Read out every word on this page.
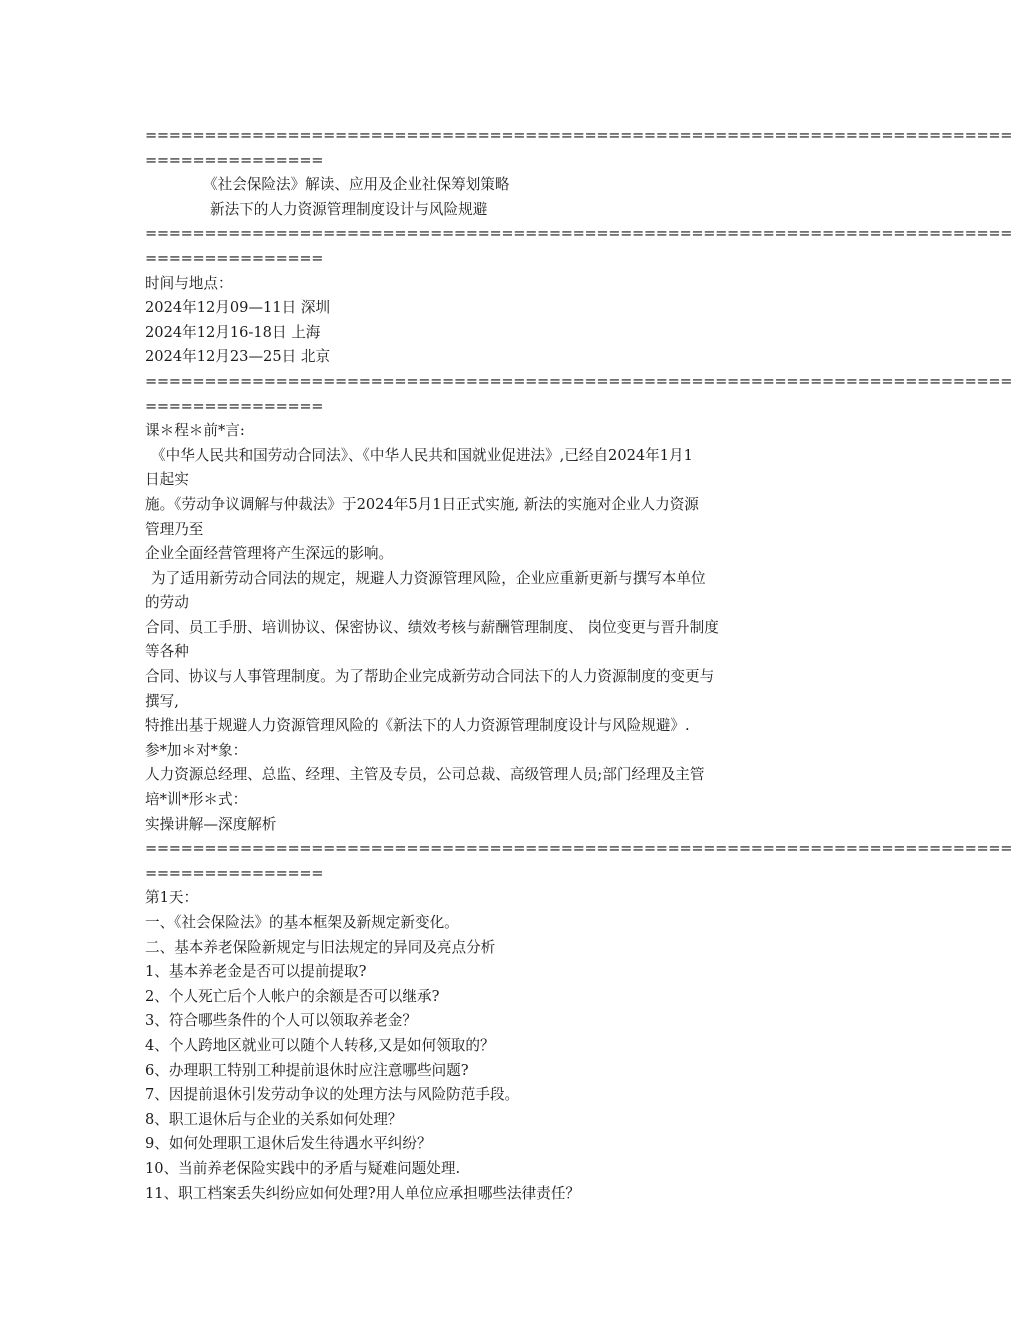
=========================================================================
===============
《社会保险法》解读、应用及企业社保筹划策略
新法下的人力资源管理制度设计与风险规避
=========================================================================
===============
时间与地点：
2024年12月09—11日 深圳
2024年12月16-18日 上海
2024年12月23—25日 北京
=========================================================================
===============
课＊程＊前*言:
《中华人民共和国劳动合同法》、《中华人民共和国就业促进法》,已经自2024年1月1
日起实
施。《劳动争议调解与仲裁法》于2024年5月1日正式实施, 新法的实施对企业人力资源
管理乃至
企业全面经营管理将产生深远的影响。
为了适用新劳动合同法的规定，规避人力资源管理风险，企业应重新更新与撰写本单位
的劳动
合同、员工手册、培训协议、保密协议、绩效考核与薪酬管理制度、 岗位变更与晋升制度
等各种
合同、协议与人事管理制度。为了帮助企业完成新劳动合同法下的人力资源制度的变更与
撰写,
特推出基于规避人力资源管理风险的《新法下的人力资源管理制度设计与风险规避》.
参*加＊对*象：
人力资源总经理、总监、经理、主管及专员，公司总裁、高级管理人员;部门经理及主管
培*训*形＊式：
实操讲解—深度解析
=========================================================================
===============
第1天：
一、《社会保险法》的基本框架及新规定新变化。
二、基本养老保险新规定与旧法规定的异同及亮点分析
1、基本养老金是否可以提前提取?
2、个人死亡后个人帐户的余额是否可以继承?
3、符合哪些条件的个人可以领取养老金？
4、个人跨地区就业可以随个人转移,又是如何领取的？
6、办理职工特别工种提前退休时应注意哪些问题?
7、因提前退休引发劳动争议的处理方法与风险防范手段。
8、职工退休后与企业的关系如何处理？
9、如何处理职工退休后发生待遇水平纠纷？
10、当前养老保险实践中的矛盾与疑难问题处理.
11、职工档案丢失纠纷应如何处理?用人单位应承担哪些法律责任？
